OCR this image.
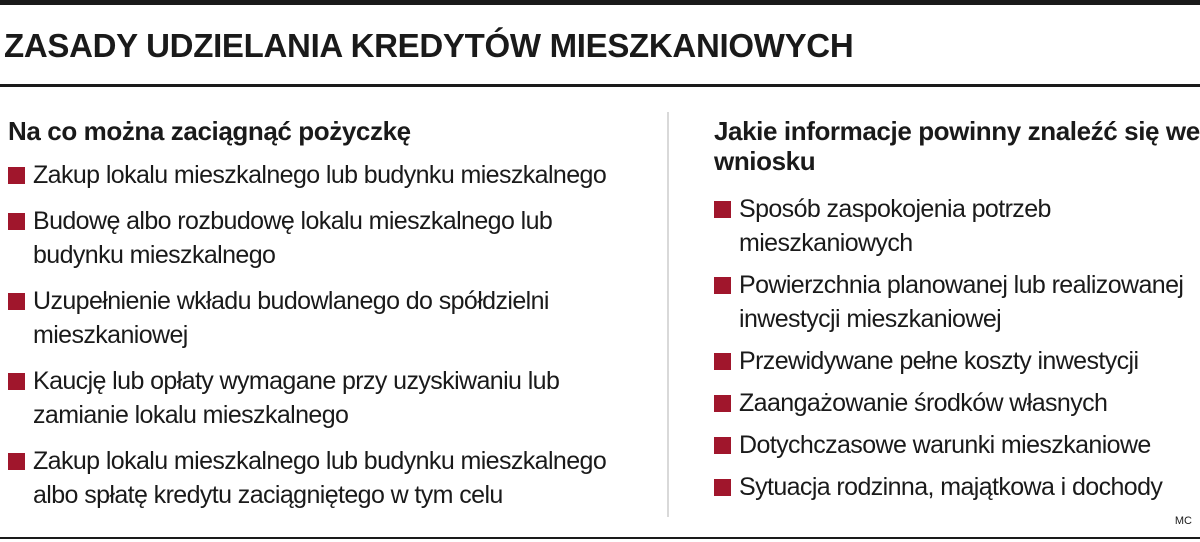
ZASADY UDZIELANIA KREDYTÓW MIESZKANIOWYCH
Na co można zaciągnąć pożyczkę
Zakup lokalu mieszkalnego lub budynku mieszkalnego
Budowę albo rozbudowę lokalu mieszkalnego lub budynku mieszkalnego
Uzupełnienie wkładu budowlanego do spółdzielni mieszkaniowej
Kaucję lub opłaty wymagane przy uzyskiwaniu lub zamianie lokalu mieszkalnego
Zakup lokalu mieszkalnego lub budynku mieszkalnego albo spłatę kredytu zaciągniętego w tym celu
Jakie informacje powinny znaleźć się we wniosku
Sposób zaspokojenia potrzeb mieszkaniowych
Powierzchnia planowanej lub realizowanej inwestycji mieszkaniowej
Przewidywane pełne koszty inwestycji
Zaangażowanie środków własnych
Dotychczasowe warunki mieszkaniowe
Sytuacja rodzinna, majątkowa i dochody
MC
